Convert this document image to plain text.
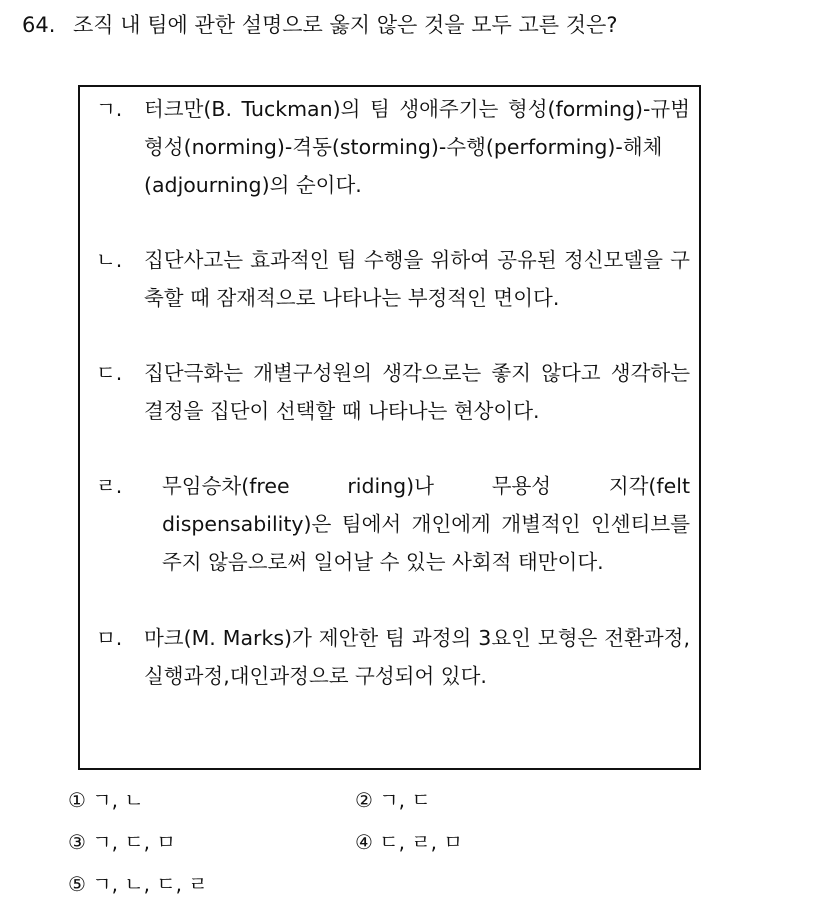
64. 조직 내 팀에 관한 설명으로 옳지 않은 것을 모두 고른 것은?
ㄱ. 터크만(B. Tuckman)의 팀 생애주기는 형성(forming)-규범형성(norming)-격동(storming)-수행(performing)-해체(adjourning)의 순이다.
ㄴ. 집단사고는 효과적인 팀 수행을 위하여 공유된 정신모델을 구축할 때 잠재적으로 나타나는 부정적인 면이다.
ㄷ. 집단극화는 개별구성원의 생각으로는 좋지 않다고 생각하는 결정을 집단이 선택할 때 나타나는 현상이다.
ㄹ. 무임승차(free riding)나 무용성 지각(felt dispensability)은 팀에서 개인에게 개별적인 인센티브를 주지 않음으로써 일어날 수 있는 사회적 태만이다.
ㅁ. 마크(M. Marks)가 제안한 팀 과정의 3요인 모형은 전환과정, 실행과정,대인과정으로 구성되어 있다.
① ㄱ, ㄴ	② ㄱ, ㄷ
③ ㄱ, ㄷ, ㅁ	④ ㄷ, ㄹ, ㅁ
⑤ ㄱ, ㄴ, ㄷ, ㄹ
